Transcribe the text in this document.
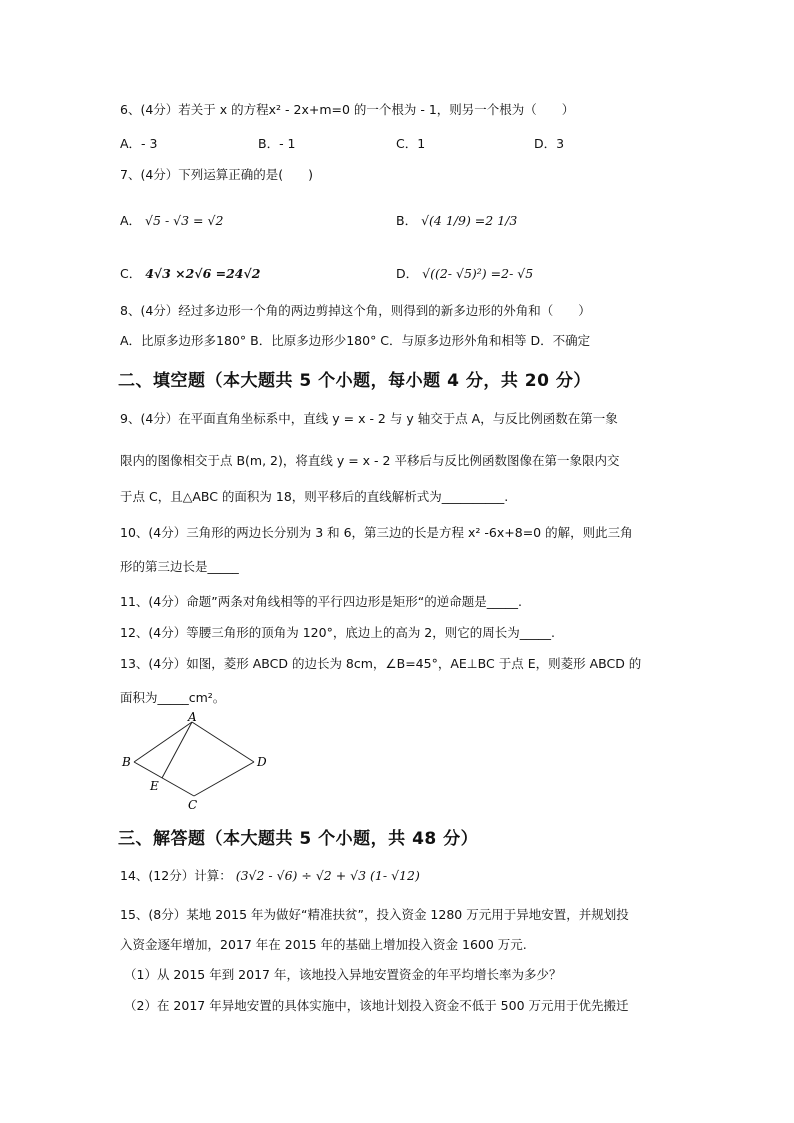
6、(4分）若关于 x 的方程x² - 2x+m=0 的一个根为 - 1，则另一个根为（　　）
A．- 3	B．- 1	C．1	D．3
7、(4分）下列运算正确的是(　　)
A． √5 - √3 = √2	B． √(4 1/9) =2 1/3
C． 4√3 ×2√6 =24√2	D． √((2- √5)²) =2- √5
8、(4分）经过多边形一个角的两边剪掉这个角，则得到的新多边形的外角和（　　）
A．比原多边形多180° B．比原多边形少180° C．与原多边形外角和相等 D．不确定
二、填空题（本大题共 5 个小题，每小题 4 分，共 20 分）
9、(4分）在平面直角坐标系中，直线 y = x - 2 与 y 轴交于点 A，与反比例函数在第一象
限内的图像相交于点 B(m, 2)，将直线 y = x - 2 平移后与反比例函数图像在第一象限内交
于点 C，且△ABC 的面积为 18，则平移后的直线解析式为__________.
10、(4分）三角形的两边长分别为 3 和 6，第三边的长是方程 x² -6x+8=0 的解，则此三角
形的第三边长是_____
11、(4分）命题”两条对角线相等的平行四边形是矩形“的逆命题是_____.
12、(4分）等腰三角形的顶角为 120°，底边上的高为 2，则它的周长为_____.
13、(4分）如图，菱形 ABCD 的边长为 8cm，∠B=45°，AE⊥BC 于点 E，则菱形 ABCD 的
面积为_____cm²。
A
B
C
D
E
三、解答题（本大题共 5 个小题，共 48 分）
14、(12分）计算： (3√2 - √6) ÷ √2 + √3 (1- √12)
15、(8分）某地 2015 年为做好“精准扶贫”，投入资金 1280 万元用于异地安置，并规划投
入资金逐年增加，2017 年在 2015 年的基础上增加投入资金 1600 万元.
（1）从 2015 年到 2017 年，该地投入异地安置资金的年平均增长率为多少？
（2）在 2017 年异地安置的具体实施中，该地计划投入资金不低于 500 万元用于优先搬迁
